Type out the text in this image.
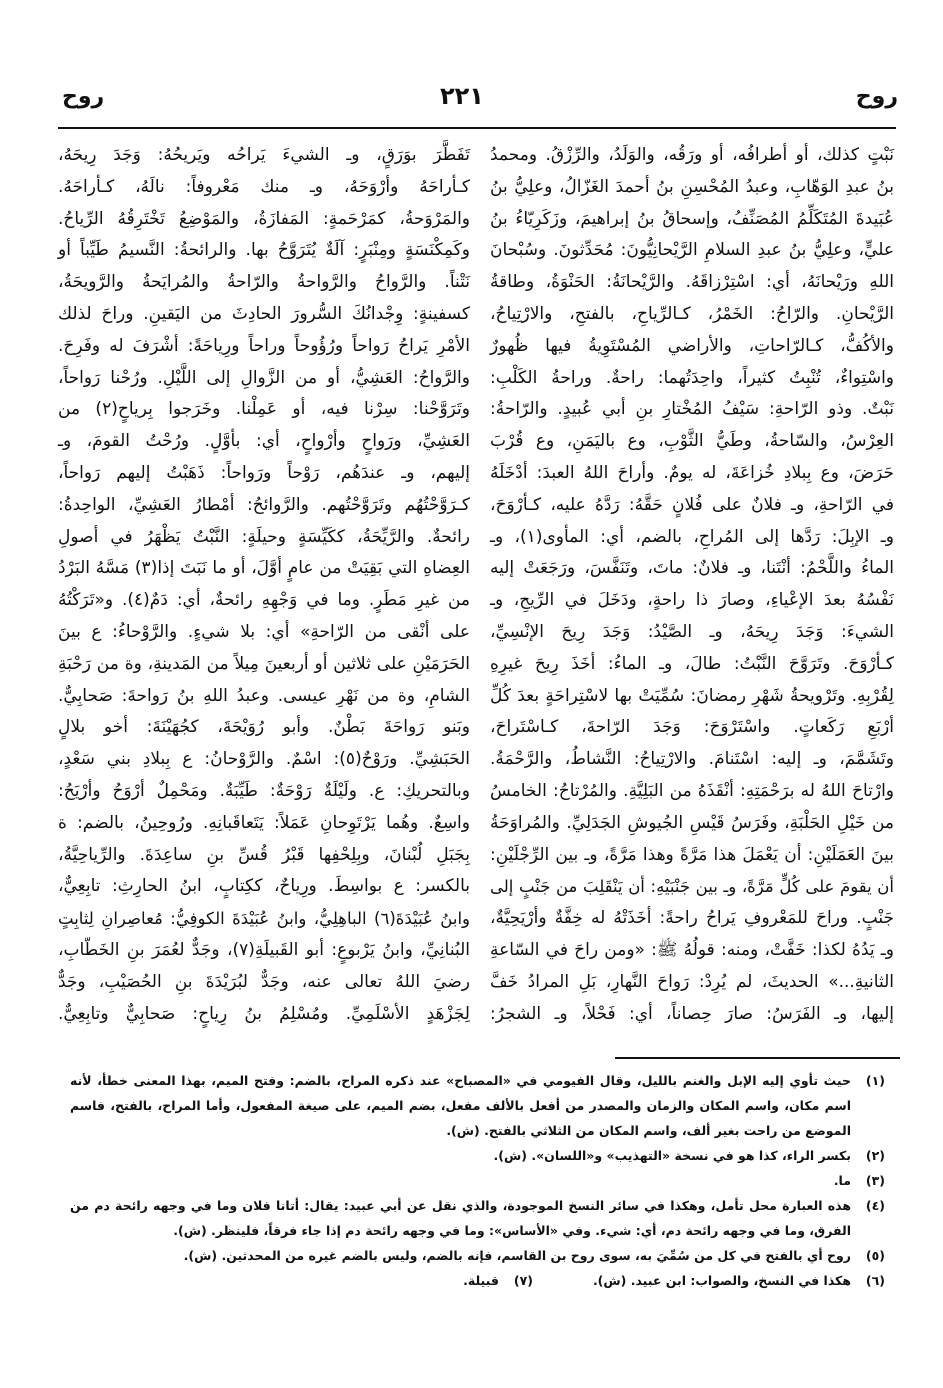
روح
٢٢١
روح
نَبْتٍ كذلك، أو أطرافُه، أو ورَقُه، والوَلَدُ، والرِّزْقُ. ومحمدُ
بنُ عبدِ الوَهّابِ، وعبدُ المُحْسِنِ بنُ أحمدَ الغَزّالُ، وعلِيُّ بنُ
عُبَيدةَ المُتَكَلِّمُ المُصَنِّفُ، وإسحاقُ بنُ إبراهيمَ، وزَكَرِيّاءُ بنُ
عليٍّ، وعلِيُّ بنُ عبدِ السلامِ الرَّيْحانِيُّونَ: مُحَدِّثونَ. وسُبْحانَ
اللهِ ورَيْحانَهُ، أي: اسْتِرْزاقَهُ. والرَّيْحانَةُ: الحَنْوَةُ، وطاقةُ
الرَّيْحانِ. والرّاحُ: الخَمْرُ، كـالرِّياحِ، بالفتحِ، والارْتِياحُ،
والأكُفُّ، كـالرّاحاتِ، والأراضي المُسْتَوِيةُ فيها ظُهورٌ
واسْتِواءٌ، تُنْبِتُ كثيراً، واحِدَتُهما: راحةٌ. وراحةُ الكَلْبِ:
نَبْتٌ. وذو الرّاحةِ: سَيْفُ المُخْتارِ بنِ أبي عُبيدٍ. والرّاحةُ:
العِرْسُ، والسّاحةُ، وطَيُّ الثَّوْبِ، وع باليَمَنِ، وع قُرْبَ
حَرَضَ، وع بِبلادِ خُزاعَةَ، له يومٌ. وأراحَ اللهُ العبدَ: أدْخَلَهُ
في الرّاحةِ، وـ فلانٌ على فُلانٍ حَقَّهُ: رَدَّهُ عليه، كـأرْوَحَ،
وـ الإبِلَ: رَدَّها إلى المُراحِ، بالضم، أي: المأوى(١)، وـ
الماءُ واللَّحْمُ: أنْتَنا، وـ فلانٌ: ماتَ، وتَنَفَّسَ، ورَجَعَتْ إليه
نَفْسُهُ بعدَ الإعْياءِ، وصارَ ذا راحةٍ، ودَخَلَ في الرِّيحِ، وـ
الشيءَ: وَجَدَ رِيحَهُ، وـ الصَّيْدُ: وَجَدَ رِيحَ الإنْسِيِّ،
كـأرْوَحَ. وتَرَوَّحَ النَّبْتُ: طالَ، وـ الماءُ: أخَذَ رِيحَ غيرِهِ
لِقُرْبِهِ. وتَرْويحةُ شَهْرِ رمضانَ: سُمِّيَتْ بها لاسْتِراحَةٍ بعدَ كُلِّ
أرْبَعِ رَكَعاتٍ. واسْتَرْوَحَ: وَجَدَ الرّاحةَ، كـاسْتَراحَ،
وتَشَمَّمَ، وـ إليه: اسْتَنامَ. والارْتِياحُ: النَّشاطُ، والرَّحْمَةُ.
وارْتاحَ اللهُ له برَحْمَتِهِ: أنْقَذَهُ من البَلِيَّةِ. والمُرْتاحُ: الخامسُ
من خَيْلِ الحَلْبَةِ، وفَرَسُ قَيْسِ الجُيوشِ الجَدَلِيِّ. والمُراوَحَةُ
بينَ العَمَلَيْنِ: أن يَعْمَلَ هذا مَرَّةً وهذا مَرَّةً، وـ بين الرِّجْلَيْنِ:
أن يقومَ على كُلٍّ مَرَّةً، وـ بين جَنْبَيْهِ: أن يَنْقَلِبَ من جَنْبٍ إلى
جَنْبٍ. وراحَ للمَعْروفِ يَراحُ راحةً: أخَذَتْهُ له خِفَّةٌ وأرْيَحِيَّةٌ،
وـ يَدُهُ لكذا: خَفَّتْ، ومنه: قولُهُ ﷺ: «ومن راحَ في السّاعةِ
الثانيةِ...» الحديثَ، لم يُرِدْ: رَواحَ النَّهارِ، بَلِ المرادُ خَفَّ
إليها، وـ الفَرَسُ: صارَ حِصاناً، أي: فَحْلاً، وـ الشجرُ:
تَفَطَّرَ بوَرَقٍ، وـ الشيءَ يَراحُه ويَريحُهُ: وَجَدَ رِيحَهُ،
كـأراحَهُ وأرْوَحَهُ، وـ منك مَعْروفاً: نالَهُ، كـأراحَهُ.
والمَرْوَحةُ، كمَرْحَمةٍ: المَفازَةُ، والمَوْضِعُ تَخْتَرِقُهُ الرِّياحُ.
وكَمِكْنَسَةٍ ومِنْبَرٍ: آلَةٌ يُتَرَوَّحُ بها. والرائحةُ: النَّسيمُ طَيِّباً أو
نَتْناً. والرَّواحُ والرَّواحةُ والرّاحةُ والمُرايَحةُ والرَّويحَةُ،
كسفينةٍ: وِجْدانُكَ السُّرورَ الحادِثَ من اليَقينِ. وراحَ لذلك
الأمْرِ يَراحُ رَواحاً ورُؤُوحاً وراحاً ورِياحَةً: أشْرَفَ له وفَرِحَ.
والرَّواحُ: العَشِيُّ، أو من الزَّوالِ إلى اللَّيْلِ. ورُحْنا رَواحاً،
وتَرَوَّحْنا: سِرْنا فيه، أو عَمِلْنا. وخَرَجوا بِرياحٍ(٢) من
العَشِيِّ، ورَواحٍ وأرْواحٍ، أي: بأوَّلٍ. ورُحْتُ القومَ، وـ
إليهم، وـ عندَهُم، رَوْحاً ورَواحاً: ذَهَبْتُ إليهم رَواحاً،
كـرَوَّحْتُهُم وتَرَوَّحْتُهم. والرَّوائحُ: أمْطارُ العَشِيِّ، الواحِدةُ:
رائحةٌ. والرَّيِّحَةُ، ككَيِّسَةٍ وحيلَةٍ: النَّبْتُ يَظْهَرُ في أصولِ
العِضاهِ التي بَقِيَتْ من عامٍ أوَّلَ، أو ما نَبَتَ إذا(٣) مَسَّهُ البَرْدُ
من غيرِ مَطَرٍ. وما في وَجْهِهِ رائحةٌ، أي: دَمٌ(٤). و«تَرَكْتُهُ
على أنْقى من الرّاحةِ» أي: بلا شيءٍ. والرَّوْحاءُ: ع بينَ
الحَرَمَيْنِ على ثلاثين أو أربعينَ مِيلاً من المَدينةِ، وة من رَحْبَةِ
الشامِ، وة من نَهْرِ عيسى. وعبدُ اللهِ بنُ رَواحةَ: صَحابِيٌّ.
وبَنو رَواحَةَ بَطْنٌ. وأبو رُوَيْحَةَ، كجُهَيْنَةَ: أخو بلالٍ
الحَبَشِيِّ. ورَوْحٌ(٥): اسْمٌ. والرَّوْحانُ: ع بِبلادِ بني سَعْدٍ،
وبالتحريكِ: ع. ولَيْلَةٌ رَوْحَةٌ: طَيِّبَةٌ. ومَحْمِلٌ أرْوَحُ وأرْيَحُ:
واسِعٌ. وهُما يَرْتَوِحانِ عَمَلاً: يَتَعاقَبانِهِ. ورُوحِينُ، بالضم: ة
بِجَبَلِ لُبْنانَ، وبِلِحْفِها قَبْرُ قُسِّ بنِ ساعِدَةَ. والرِّياحِيَّةُ،
بالكسر: ع بواسِطَ. ورِياحٌ، ككِتابٍ، ابنُ الحارِثِ: تابِعِيٌّ،
وابنُ عُبَيْدَةَ(٦) الباهِلِيُّ، وابنُ عُبَيْدَةَ الكوفِيُّ: مُعاصِرانِ لِثابِتٍ
البُنانِيِّ، وابنُ يَرْبوعٍ: أبو القَبيلَةِ(٧)، وجَدٌّ لعُمَرَ بنِ الخَطّابِ،
رضيَ اللهُ تعالى عنه، وجَدٌّ لبُرَيْدَةَ بنِ الحُصَيْبِ، وجَدٌّ
لِجَزْهَدٍ الأسْلَمِيِّ. ومُسْلِمُ بنُ رِياحٍ: صَحابِيٌّ وتابِعِيٌّ.
(١)
حيث تأوي إليه الإبل والغنم بالليل، وقال الفيومي في «المصباح» عند ذكره المراح، بالضم: وفتح الميم، بهذا المعنى خطأ، لأنه اسم مكان، واسم المكان والزمان والمصدر من أفعل بالألف مفعل، بضم الميم، على صيغة المفعول، وأما المراح، بالفتح، فاسم الموضع من راحت بغير ألف، واسم المكان من الثلاثي بالفتح. (ش).
(٢)
بكسر الراء، كذا هو في نسخة «التهذيب» و«اللسان». (ش).
(٣)
ما.
(٤)
هذه العبارة محل تأمل، وهكذا في سائر النسخ الموجودة، والذي نقل عن أبي عبيد: يقال: أتانا فلان وما في وجهه رائحة دم من الفرق، وما في وجهه رائحة دم، أي: شيء. وفي «الأساس»: وما في وجهه رائحة دم إذا جاء فرقاً، فلينظر. (ش).
(٥)
روح أي بالفتح في كل من سُمِّيَ به، سوى روح بن القاسم، فإنه بالضم، وليس بالضم غيره من المحدثين. (ش).
(٦)
هكذا في النسخ، والصواب: ابن عبيد. (ش).
(٧)
قبيلة.
